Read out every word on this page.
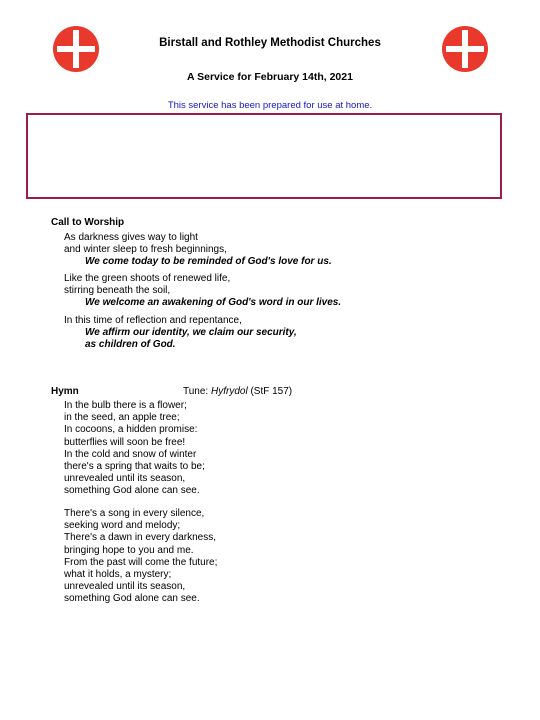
Birstall and Rothley Methodist Churches
A Service for February 14th, 2021
This service has been prepared for use at home.
Call to Worship
As darkness gives way to light
and winter sleep to fresh beginnings,
We come today to be reminded of God's love for us.
Like the green shoots of renewed life,
stirring beneath the soil,
We welcome an awakening of God's word in our lives.
In this time of reflection and repentance,
We affirm our identity, we claim our security,
as children of God.
Hymn	Tune: Hyfrydol (StF 157)
In the bulb there is a flower;
in the seed, an apple tree;
In cocoons, a hidden promise:
butterflies will soon be free!
In the cold and snow of winter
there's a spring that waits to be;
unrevealed until its season,
something God alone can see.
There's a song in every silence,
seeking word and melody;
There's a dawn in every darkness,
bringing hope to you and me.
From the past will come the future;
what it holds, a mystery;
unrevealed until its season,
something God alone can see.
